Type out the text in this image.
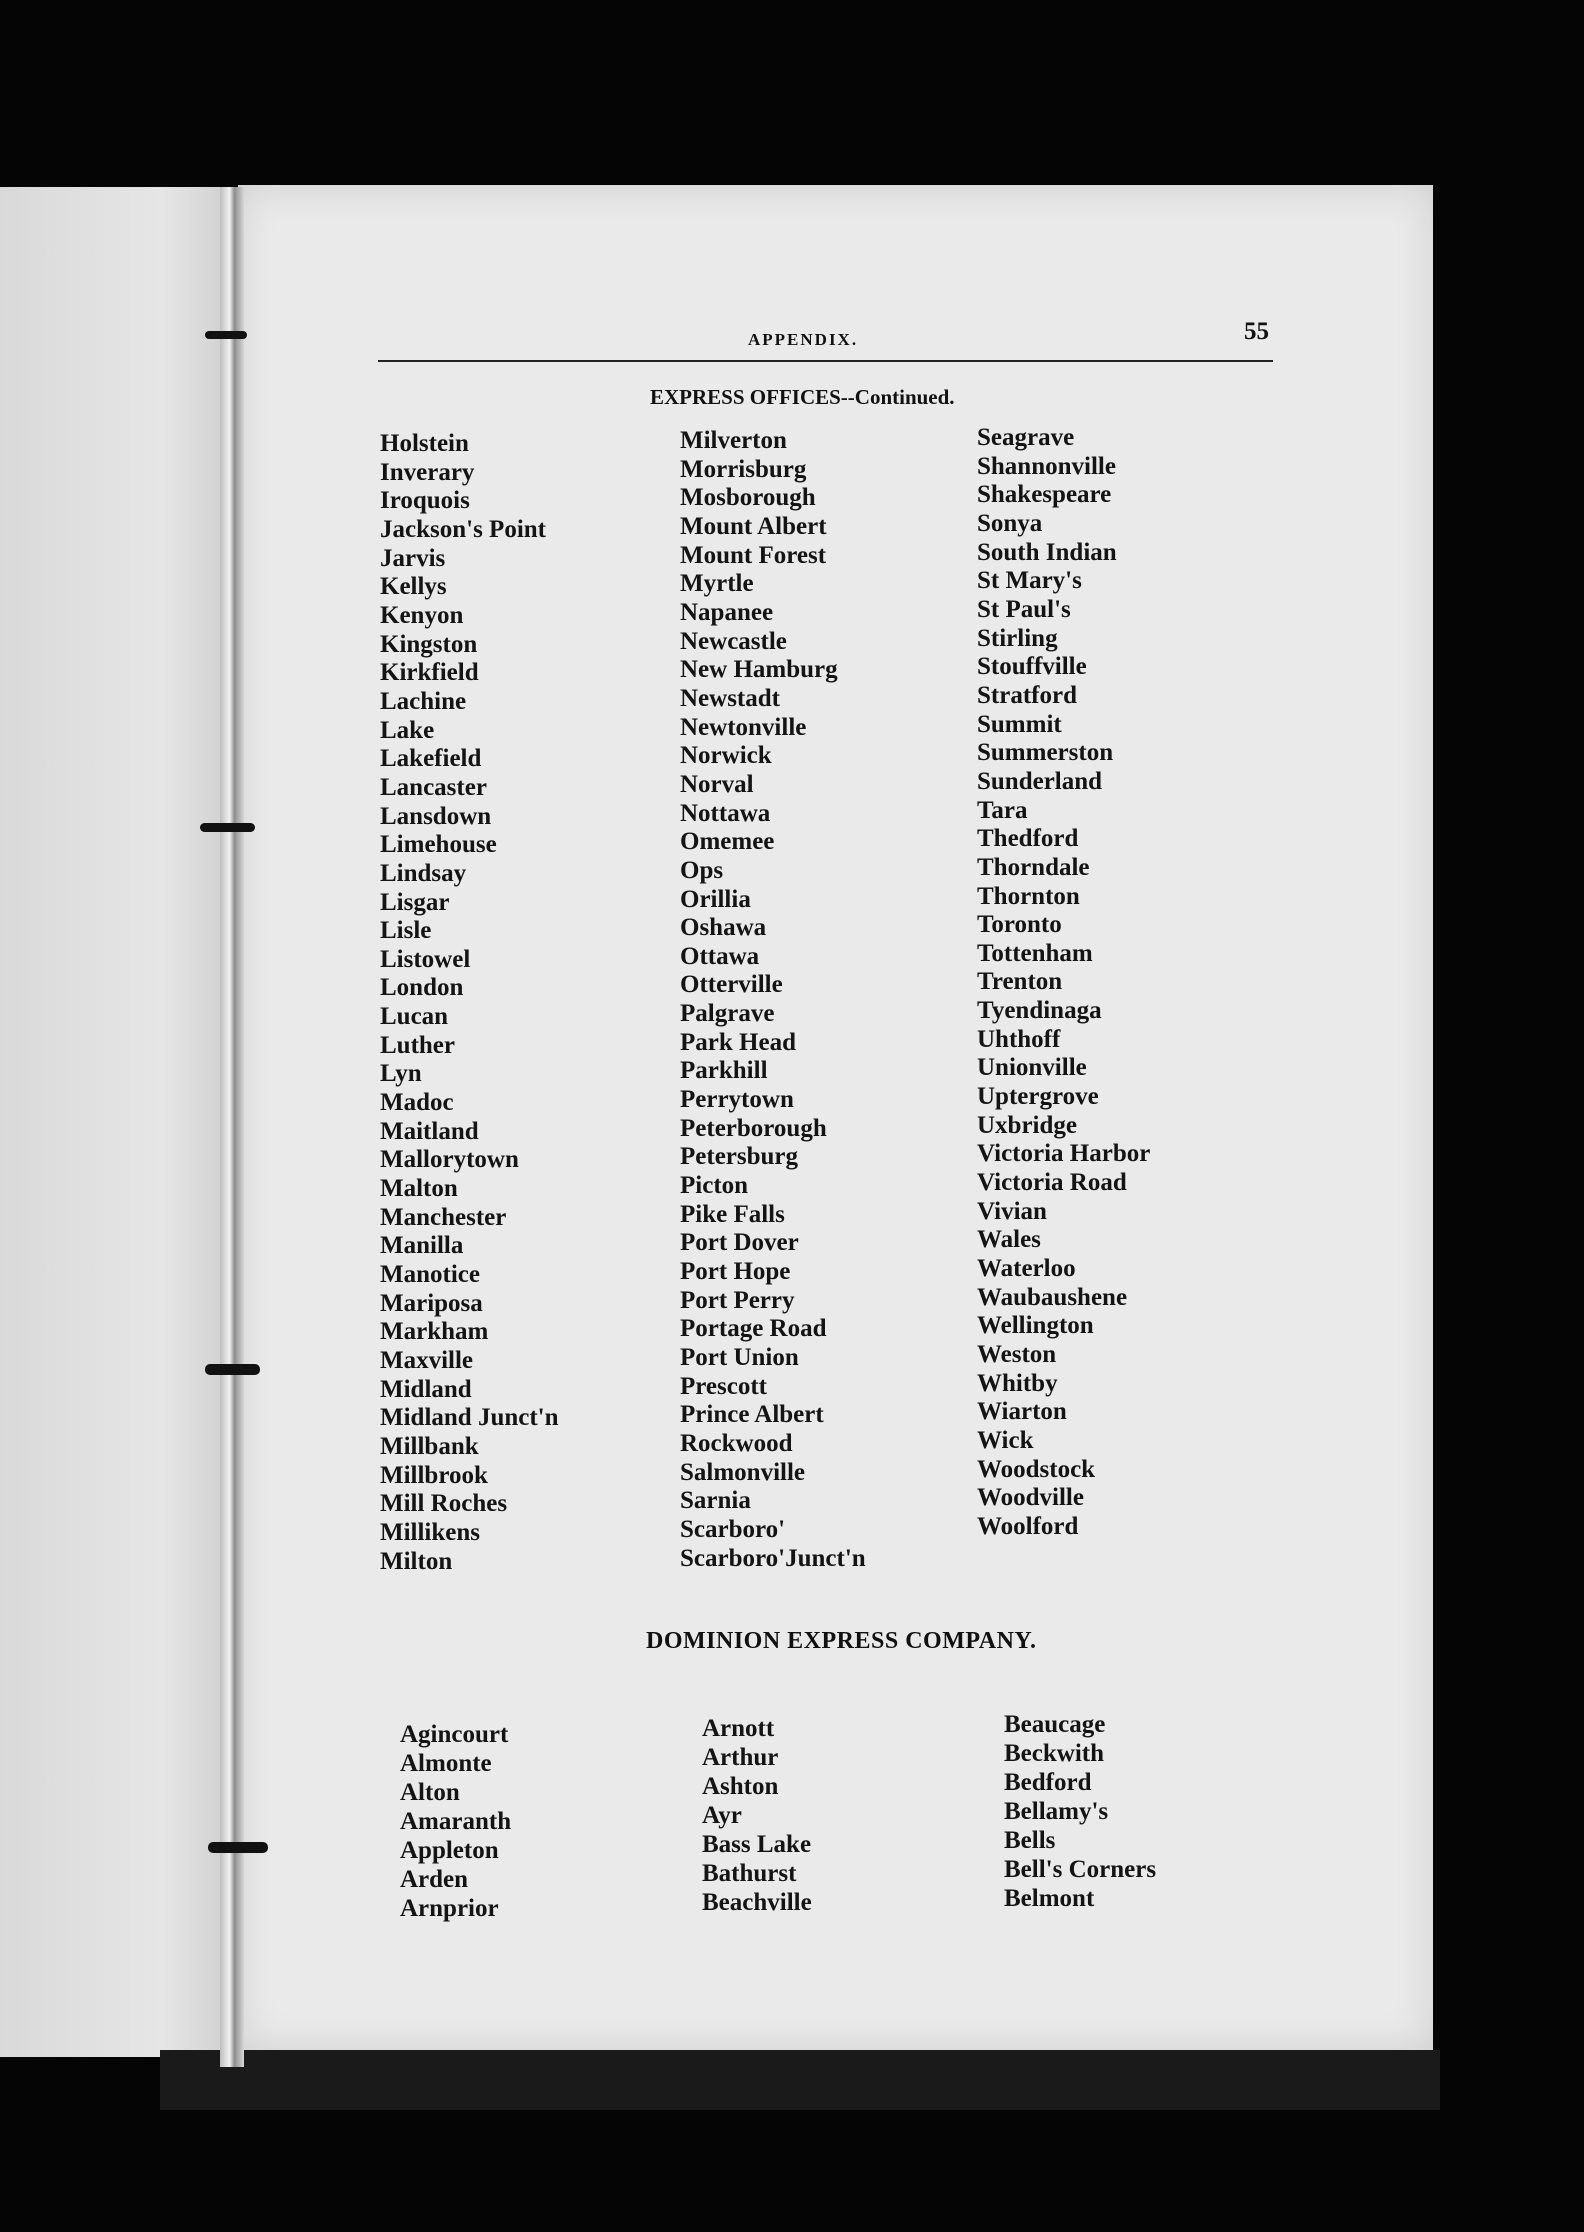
APPENDIX.	55
EXPRESS OFFICES--Continued.
Holstein
Inverary
Iroquois
Jackson's Point
Jarvis
Kellys
Kenyon
Kingston
Kirkfield
Lachine
Lake
Lakefield
Lancaster
Lansdown
Limehouse
Lindsay
Lisgar
Lisle
Listowel
London
Lucan
Luther
Lyn
Madoc
Maitland
Mallorytown
Malton
Manchester
Manilla
Manotice
Mariposa
Markham
Maxville
Midland
Midland Junct'n
Millbank
Millbrook
Mill Roches
Millikens
Milton
Milverton
Morrisburg
Mosborough
Mount Albert
Mount Forest
Myrtle
Napanee
Newcastle
New Hamburg
Newstadt
Newtonville
Norwick
Norval
Nottawa
Omemee
Ops
Orillia
Oshawa
Ottawa
Otterville
Palgrave
Park Head
Parkhill
Perrytown
Peterborough
Petersburg
Picton
Pike Falls
Port Dover
Port Hope
Port Perry
Portage Road
Port Union
Prescott
Prince Albert
Rockwood
Salmonville
Sarnia
Scarboro'
Scarboro'Junct'n
Seagrave
Shannonville
Shakespeare
Sonya
South Indian
St Mary's
St Paul's
Stirling
Stouffville
Stratford
Summit
Summerston
Sunderland
Tara
Thedford
Thorndale
Thornton
Toronto
Tottenham
Trenton
Tyendinaga
Uhthoff
Unionville
Uptergrove
Uxbridge
Victoria Harbor
Victoria Road
Vivian
Wales
Waterloo
Waubaushene
Wellington
Weston
Whitby
Wiarton
Wick
Woodstock
Woodville
Woolford
DOMINION EXPRESS COMPANY.
Agincourt
Almonte
Alton
Amaranth
Appleton
Arden
Arnprior
Arnott
Arthur
Ashton
Ayr
Bass Lake
Bathurst
Beachville
Beaucage
Beckwith
Bedford
Bellamy's
Bells
Bell's Corners
Belmont
